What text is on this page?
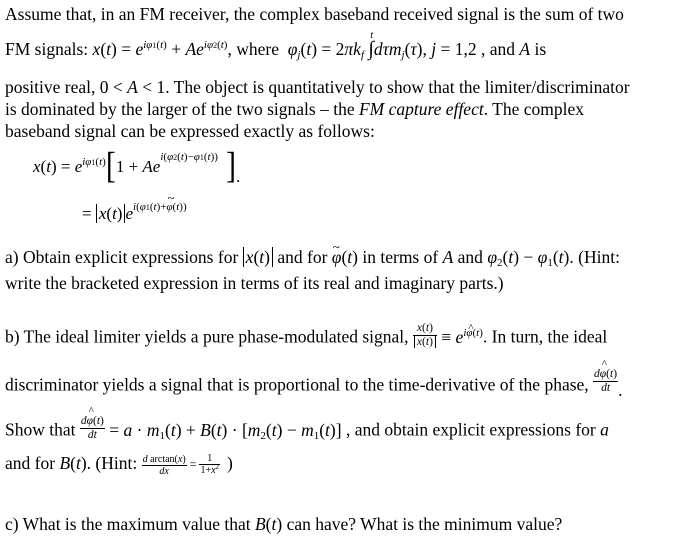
Assume that, in an FM receiver, the complex baseband received signal is the sum of two
FM signals: $x(t) = e^{i\varphi 1(t)} + Ae^{i\varphi 2(t)}$, where $\varphi_j(t) = 2\pi k_f$ ∫
t
dτm$_j$(τ), j = 1,2 , and A is
positive real, 0 < A < 1. The object is quantitatively to show that the limiter/discriminator
is dominated by the larger of the two signals – the FM capture effect. The complex
baseband signal can be expressed exactly as follows:
$x(t) = e^{i\varphi 1(t)}[1 + Ae^{i(\varphi 2(t)-\varphi 1(t))}$ ].
= x(t) $e^{i(\varphi 1(t)+\sim \varphi(t))}$
a) Obtain explicit expressions for x(t) and for ~ φ(t) in terms of A and $\varphi_2(t) - \varphi_1(t)$. (Hint:
write the bracketed expression in terms of its real and imaginary parts.)
b) The ideal limiter yields a pure phase-modulated signal, $\frac{x(t)}{x(t)} \equiv e^{i\^{} \varphi(t)}$. In turn, the ideal
discriminator yields a signal that is proportional to the time-derivative of the phase, $\frac{d\^{} \varphi(t)}{dt}$ .
Show that $\frac{d\^{} \varphi(t)}{dt} = a \cdot m_1(t) + B(t) \cdot [m_2(t) - m_1(t)]$ , and obtain explicit expressions for a
and for B(t). (Hint: $\frac{\text{d arctan(x)}}{dx} = \frac{1}{1+x^2}$ )
c) What is the maximum value that B(t) can have? What is the minimum value?
